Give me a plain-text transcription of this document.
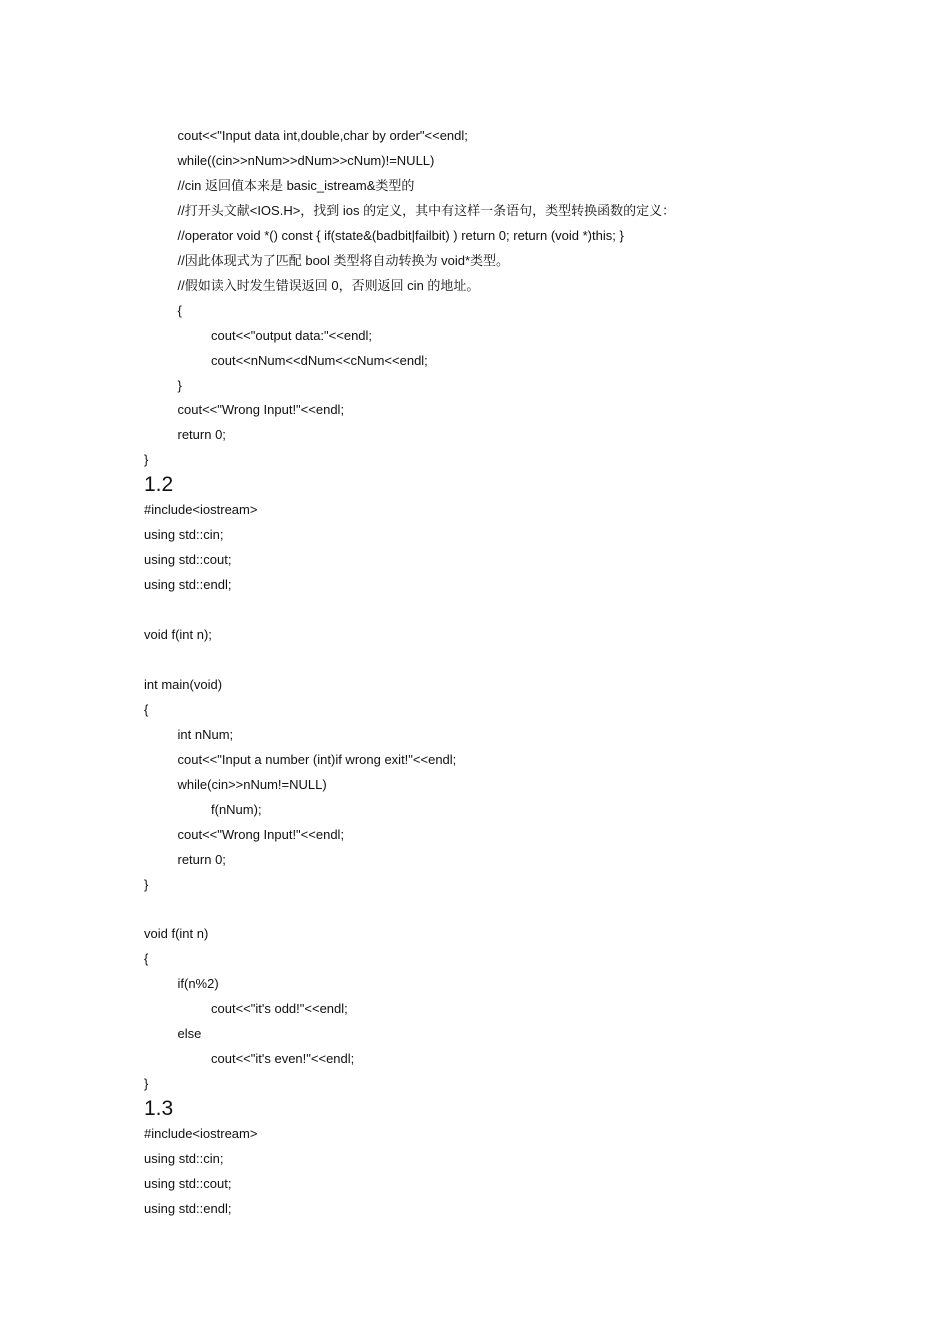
cout<<"Input data int,double,char by order"<<endl;
while((cin>>nNum>>dNum>>cNum)!=NULL)
//cin 返回值本来是 basic_istream&类型的
//打开头文献<IOS.H>，找到 ios 的定义，其中有这样一条语句，类型转换函数的定义：
//operator void *() const { if(state&(badbit|failbit) ) return 0; return (void *)this; }
//因此体现式为了匹配 bool 类型将自动转换为 void*类型。
//假如读入时发生错误返回 0，否则返回 cin 的地址。
{
cout<<"output data:"<<endl;
cout<<nNum<<dNum<<cNum<<endl;
}
cout<<"Wrong Input!"<<endl;
return 0;
}
1.2
#include<iostream>
using std::cin;
using std::cout;
using std::endl;
void f(int n);
int main(void)
{
int nNum;
cout<<"Input a number (int)if wrong exit!"<<endl;
while(cin>>nNum!=NULL)
f(nNum);
cout<<"Wrong Input!"<<endl;
return 0;
}
void f(int n)
{
if(n%2)
cout<<"it's odd!"<<endl;
else
cout<<"it's even!"<<endl;
}
1.3
#include<iostream>
using std::cin;
using std::cout;
using std::endl;
